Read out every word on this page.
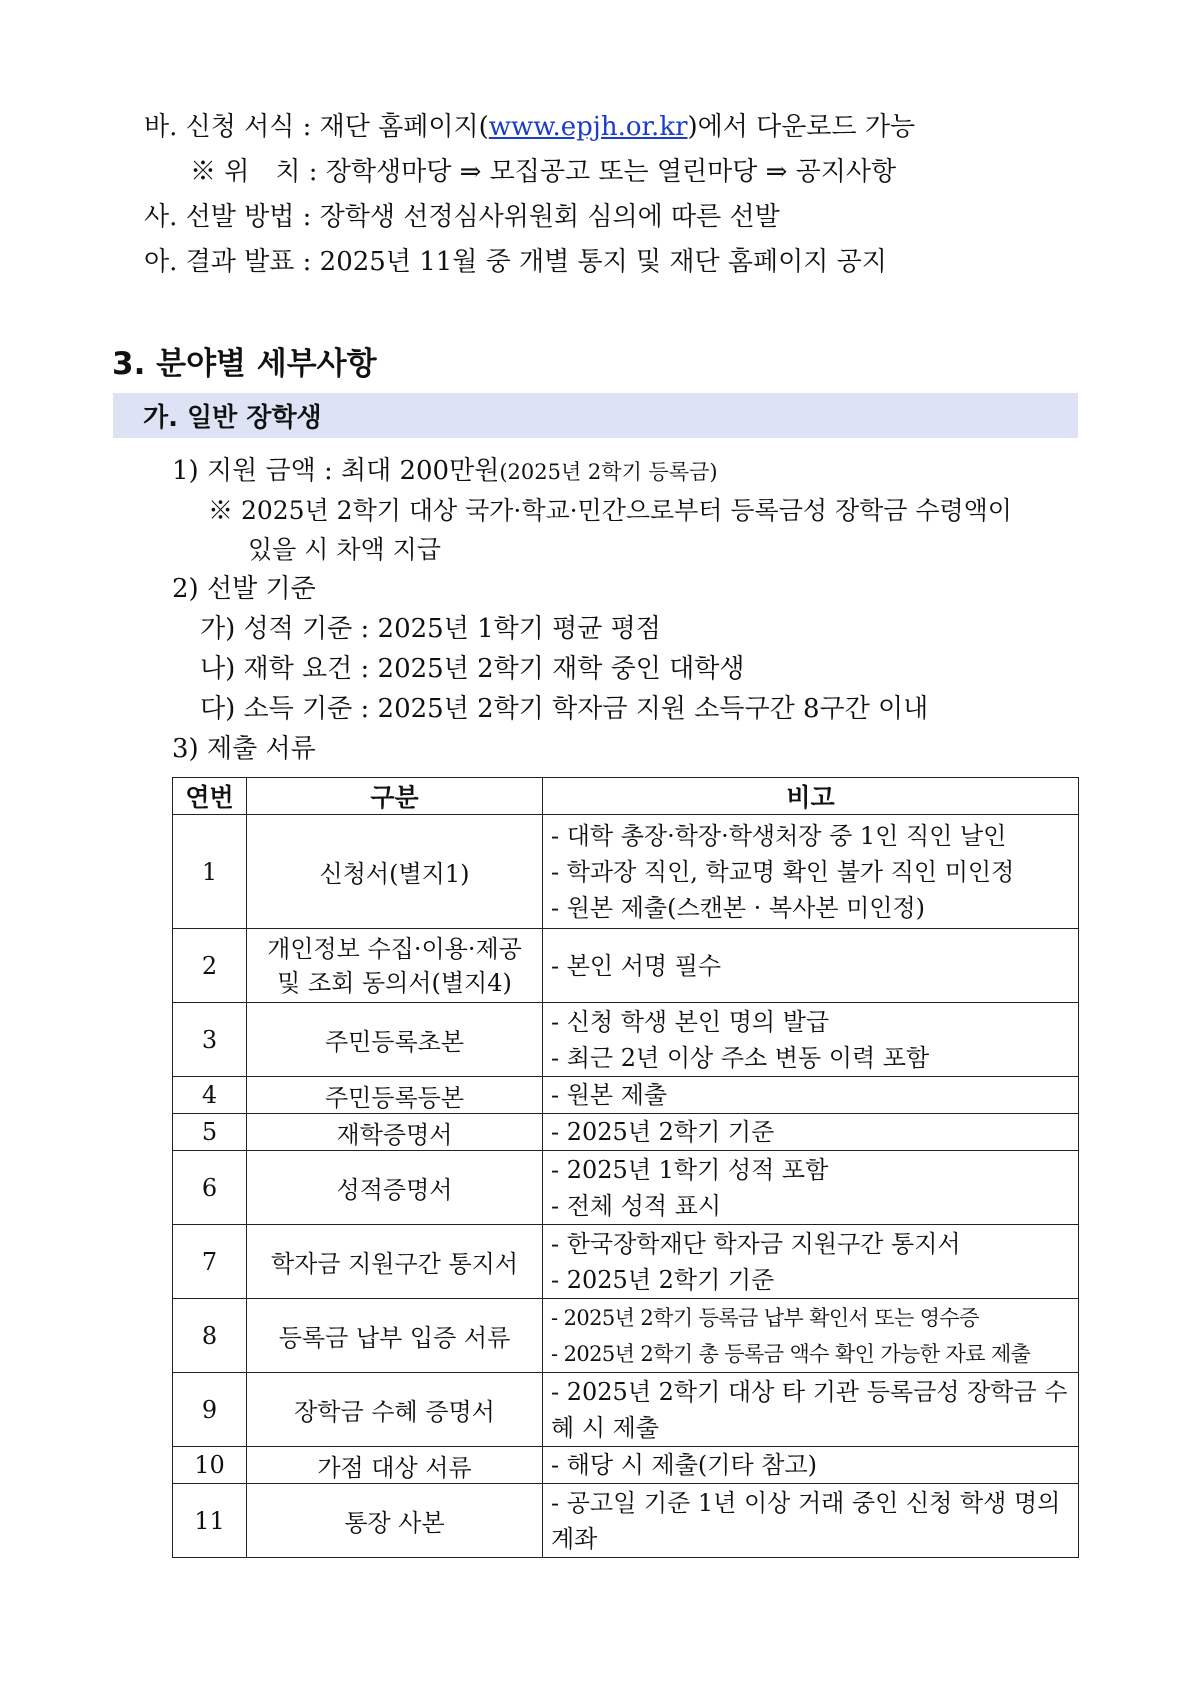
바. 신청 서식 : 재단 홈페이지(www.epjh.or.kr)에서 다운로드 가능
※ 위　치 : 장학생마당 ⇒ 모집공고 또는 열린마당 ⇒ 공지사항
사. 선발 방법 : 장학생 선정심사위원회 심의에 따른 선발
아. 결과 발표 : 2025년 11월 중 개별 통지 및 재단 홈페이지 공지
3. 분야별 세부사항
가. 일반 장학생
1) 지원 금액 : 최대 200만원(2025년 2학기 등록금)
※ 2025년 2학기 대상 국가·학교·민간으로부터 등록금성 장학금 수령액이
있을 시 차액 지급
2) 선발 기준
가) 성적 기준 : 2025년 1학기 평균 평점
나) 재학 요건 : 2025년 2학기 재학 중인 대학생
다) 소득 기준 : 2025년 2학기 학자금 지원 소득구간 8구간 이내
3) 제출 서류
연번	구분	비고
1	신청서(별지1)	- 대학 총장·학장·학생처장 중 1인 직인 날인
- 학과장 직인, 학교명 확인 불가 직인 미인정
- 원본 제출(스캔본 · 복사본 미인정)

2	개인정보 수집·이용·제공 및 조회 동의서(별지4)	- 본인 서명 필수

3	주민등록초본	- 신청 학생 본인 명의 발급
- 최근 2년 이상 주소 변동 이력 포함

4	주민등록등본	- 원본 제출

5	재학증명서	- 2025년 2학기 기준

6	성적증명서	- 2025년 1학기 성적 포함
- 전체 성적 표시

7	학자금 지원구간 통지서	- 한국장학재단 학자금 지원구간 통지서
- 2025년 2학기 기준

8	등록금 납부 입증 서류	- 2025년 2학기 등록금 납부 확인서 또는 영수증
- 2025년 2학기 총 등록금 액수 확인 가능한 자료 제출

9	장학금 수혜 증명서	- 2025년 2학기 대상 타 기관 등록금성 장학금 수혜 시 제출
10	가점 대상 서류	- 해당 시 제출(기타 참고)

11	통장 사본	- 공고일 기준 1년 이상 거래 중인 신청 학생 명의 계좌
